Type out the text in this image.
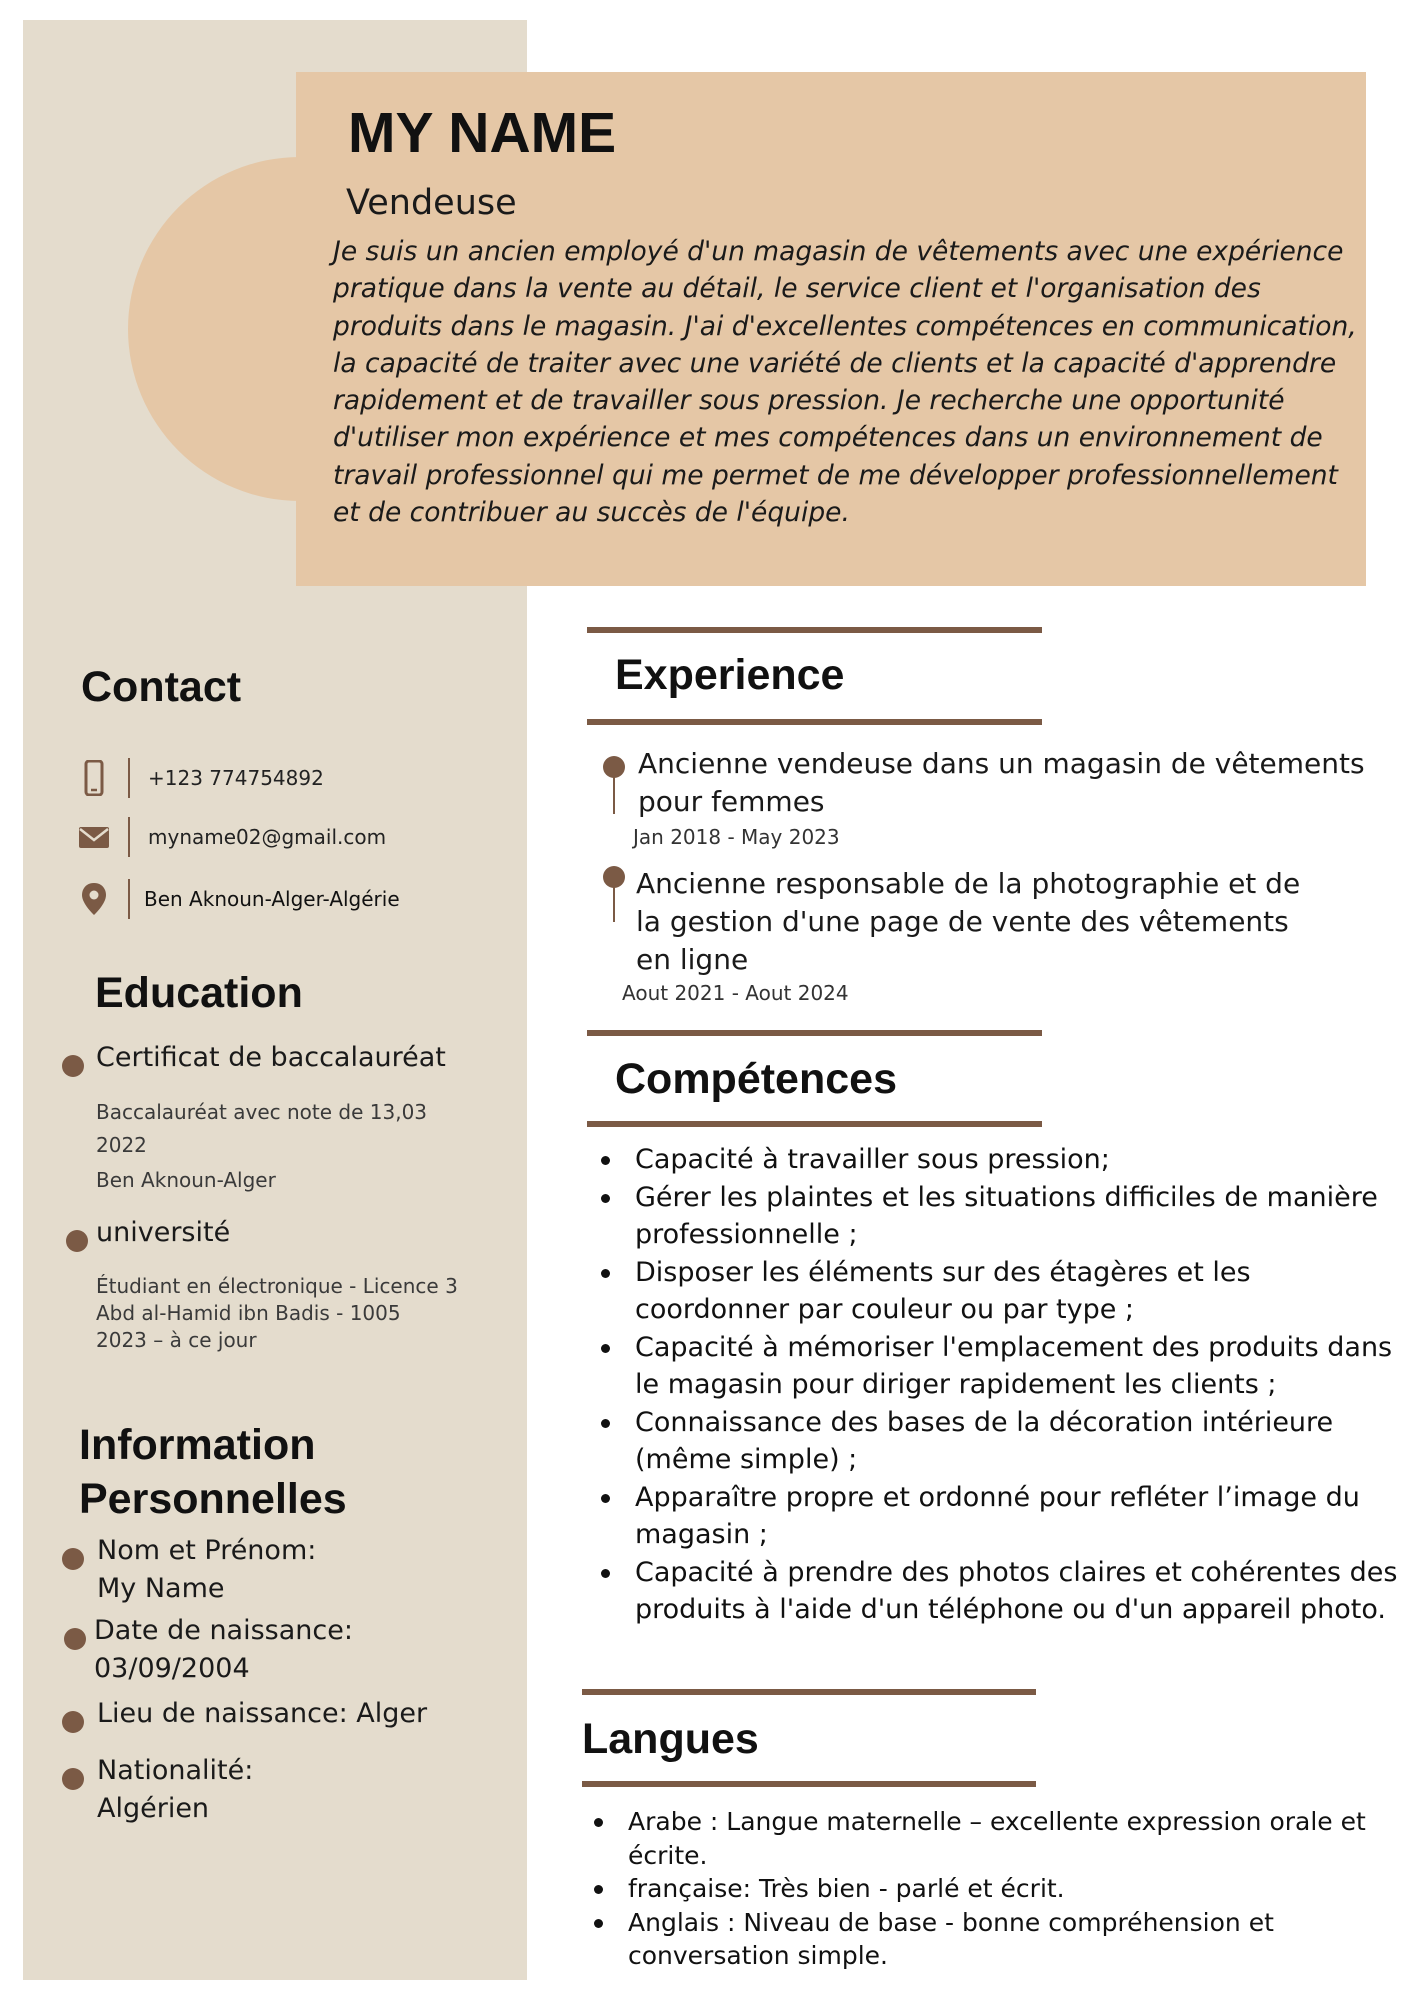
MY NAME
Vendeuse

Je suis un ancien employé d'un magasin de vêtements avec une expérience pratique dans la vente au détail, le service client et l'organisation des produits dans le magasin. J'ai d'excellentes compétences en communication, la capacité de traiter avec une variété de clients et la capacité d'apprendre rapidement et de travailler sous pression. Je recherche une opportunité d'utiliser mon expérience et mes compétences dans un environnement de travail professionnel qui me permet de me développer professionnellement et de contribuer au succès de l'équipe.

Contact
+123 774754892
myname02@gmail.com
Ben Aknoun-Alger-Algérie
Education
Certificat de baccalauréat
Baccalauréat avec note de 13,03
2022
Ben Aknoun-Alger
université
Étudiant en électronique - Licence 3
Abd al-Hamid ibn Badis - 1005
2023 – à ce jour
Information
Personnelles
Nom et Prénom:
My Name
Date de naissance:
03/09/2004
Lieu de naissance: Alger
Nationalité:
Algérien
Experience
Ancienne vendeuse dans un magasin de vêtements
pour femmes
Jan 2018 - May 2023
Ancienne responsable de la photographie et de
la gestion d'une page de vente des vêtements
en ligne
Aout 2021 - Aout 2024
Compétences
Capacité à travailler sous pression;
Gérer les plaintes et les situations difficiles de manière professionnelle ;
Disposer les éléments sur des étagères et les coordonner par couleur ou par type ;
Capacité à mémoriser l'emplacement des produits dans le magasin pour diriger rapidement les clients ;
Connaissance des bases de la décoration intérieure (même simple) ;
Apparaître propre et ordonné pour refléter l’image du magasin ;
Capacité à prendre des photos claires et cohérentes des produits à l'aide d'un téléphone ou d'un appareil photo.
Langues
Arabe : Langue maternelle – excellente expression orale et écrite.
française: Très bien - parlé et écrit.
Anglais : Niveau de base - bonne compréhension et conversation simple.
